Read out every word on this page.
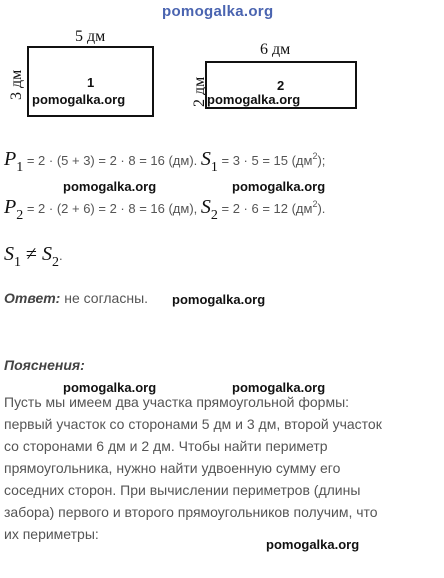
pomogalka.org
5 дм
3 дм	1
pomogalka.org
6 дм
2 дм	2
pomogalka.org
P1 = 2 · (5 + 3) = 2 · 8 = 16 (дм). S1 = 3 · 5 = 15 $(дм^2)$;
pomogalka.org	pomogalka.org
P2 = 2 · (2 + 6) = 2 · 8 = 16 (дм), S2 = 2 · 6 = 12 $(дм^2)$.
S1 ≠ S2.
Ответ: не согласны. pomogalka.org
Пояснения:
pomogalka.org	pomogalka.org
Пусть мы имеем два участка прямоугольной формы:
первый участок со сторонами 5 дм и 3 дм, второй участок
со сторонами 6 дм и 2 дм. Чтобы найти периметр
прямоугольника, нужно найти удвоенную сумму его
соседних сторон. При вычислении периметров (длины
забора) первого и второго прямоугольников получим, что
pomogalka.org
их периметры:
